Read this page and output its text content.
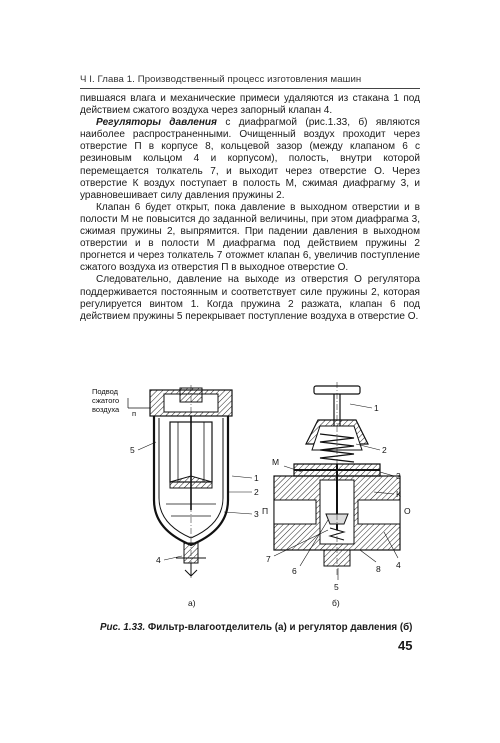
Ч I. Глава 1. Производственный процесс изготовления машин

пившаяся влага и механические примеси удаляются из стакана 1 под действием сжатого воздуха через запорный клапан 4.

Регуляторы давления с диафрагмой (рис.1.33, б) являются наиболее распространенными. Очищенный воздух проходит через отверстие П в корпусе 8, кольцевой зазор (между клапаном 6 с резиновым кольцом 4 и корпусом), полость, внутри которой перемещается толкатель 7, и выходит через отверстие О. Через отверстие К воздух поступает в полость М, сжимая диафрагму 3, и уравновешивает силу давления пружины 2.

Клапан 6 будет открыт, пока давление в выходном отверстии и в полости М не повысится до заданной величины, при этом диафрагма 3, сжимая пружины 2, выпрямится. При падении давления в выходном отверстии и в полости М диафрагма под действием пружины 2 прогнется и через толкатель 7 отожмет клапан 6, увеличив поступление сжатого воздуха из отверстия П в выходное отверстие О.

Следовательно, давление на выходе из отверстия О регулятора поддерживается постоянным и соответствует силе пружины 2, которая регулируется винтом 1. Когда пружина 2 разжата, клапан 6 под действием пружины 5 перекрывает поступление воздуха в отверстие О.

Подвод
сжатого
воздуха п
5
1
2
3
4
а)
1
2
М
3
К
П	О
7
6
5
8 4
б)
Рис. 1.33. Фильтр-влагоотделитель (а) и регулятор давления (б)
45
